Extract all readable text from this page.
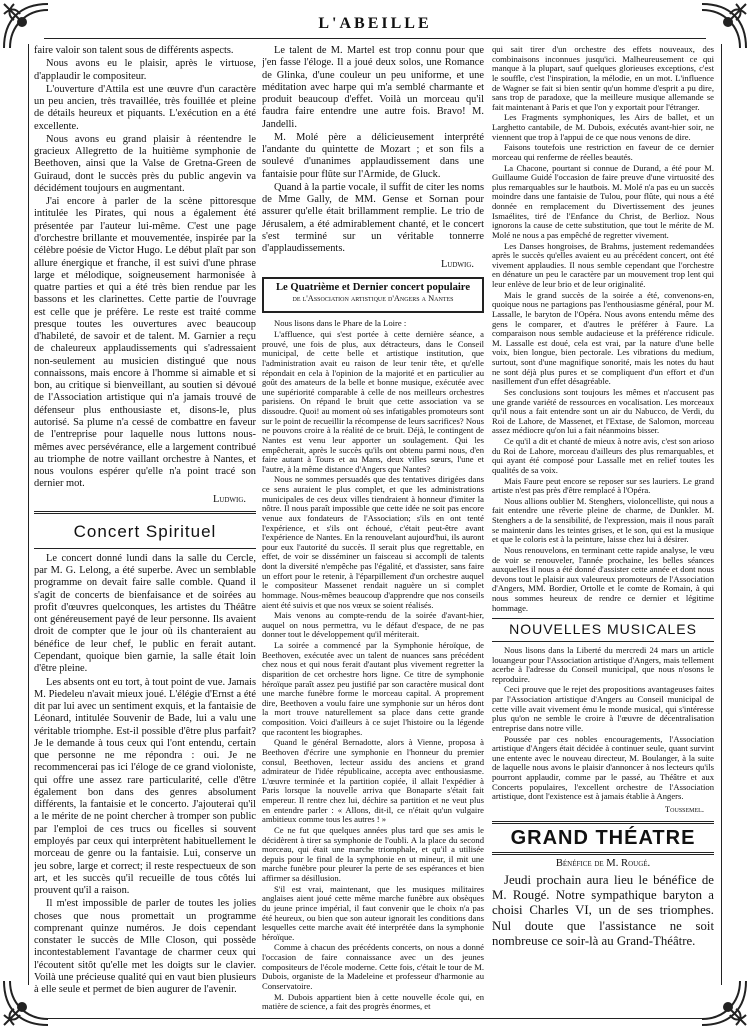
L'ABEILLE

faire valoir son talent sous de différents aspects.

Nous avons eu le plaisir, après le virtuose, d'applaudir le compositeur.

L'ouverture d'Attila est une œuvre d'un caractère un peu ancien, très travaillée, très fouillée et pleine de détails heureux et piquants. L'exécution en a été excellente.

Nous avons eu grand plaisir à réentendre le gracieux Allegretto de la huitième symphonie de Beethoven, ainsi que la Valse de Gretna-Green de Guiraud, dont le succès près du public angevin va décidément toujours en augmentant.

J'ai encore à parler de la scène pittoresque intitulée les Pirates, qui nous a également été présentée par l'auteur lui-même. C'est une page d'orchestre brillante et mouvementée, inspirée par la célèbre poésie de Victor Hugo. Le début plaît par son allure énergique et franche, il est suivi d'une phrase large et mélodique, soigneusement harmonisée à quatre parties et qui a été très bien rendue par les bassons et les clarinettes. Cette partie de l'ouvrage est celle que je préfère. Le reste est traité comme presque toutes les ouvertures avec beaucoup d'habileté, de savoir et de talent. M. Garnier a reçu de chaleureux applaudissements qui s'adressaient non-seulement au musicien distingué que nous connaissons, mais encore à l'homme si aimable et si bon, au critique si bienveillant, au soutien si dévoué de l'Association artistique qui n'a jamais trouvé de défenseur plus enthousiaste et, disons-le, plus autorisé. Sa plume n'a cessé de combattre en faveur de l'entreprise pour laquelle nous luttons nous-mêmes avec persévérance, elle a largement contribué au triomphe de notre vaillant orchestre à Nantes, et nous voulons espérer qu'elle n'a point tracé son dernier mot.

Ludwig.

Concert Spirituel

Le concert donné lundi dans la salle du Cercle, par M. G. Lelong, a été superbe. Avec un semblable programme on devait faire salle comble. Quand il s'agit de concerts de bienfaisance et de soirées au profit d'œuvres quelconques, les artistes du Théâtre ont généreusement payé de leur personne. Ils avaient droit de compter que le jour où ils chanteraient au bénéfice de leur chef, le public en ferait autant. Cependant, quoique bien garnie, la salle était loin d'être pleine.

Les absents ont eu tort, à tout point de vue. Jamais M. Piedeleu n'avait mieux joué. L'élégie d'Ernst a été dit par lui avec un sentiment exquis, et la fantaisie de Léonard, intitulée Souvenir de Bade, lui a valu une véritable triomphe. Est-il possible d'être plus parfait? Je le demande à tous ceux qui l'ont entendu, certain que personne ne me répondra : oui. Je ne recommencerai pas ici l'éloge de ce grand violoniste, qui offre une assez rare particularité, celle d'être également bon dans des genres absolument différents, la fantaisie et le concerto. J'ajouterai qu'il a le mérite de ne point chercher à tromper son public par l'emploi de ces trucs ou ficelles si souvent employés par ceux qui interprètent habituellement le morceau de genre ou la fantaisie. Lui, conserve un jeu sobre, large et correct; il reste respectueux de son art, et les succès qu'il recueille de tous côtés lui prouvent qu'il a raison.

Il m'est impossible de parler de toutes les jolies choses que nous promettait un programme comprenant quinze numéros. Je dois cependant constater le succès de Mlle Closon, qui possède incontestablement l'avantage de charmer ceux qui l'écoutent sitôt qu'elle met les doigts sur le clavier. Voilà une précieuse qualité qui en vaut bien plusieurs à elle seule et permet de bien augurer de l'avenir.

Le talent de M. Martel est trop connu pour que j'en fasse l'éloge. Il a joué deux solos, une Romance de Glinka, d'une couleur un peu uniforme, et une méditation avec harpe qui m'a semblé charmante et produit beaucoup d'effet. Voilà un morceau qu'il faudra faire entendre une autre fois. Bravo! M. Jandelli.

M. Molé père a délicieusement interprété l'andante du quintette de Mozart ; et son fils a soulevé d'unanimes applaudissement dans une fantaisie pour flûte sur l'Armide, de Gluck.

Quand à la partie vocale, il suffit de citer les noms de Mme Gally, de MM. Gense et Sornan pour assurer qu'elle était brillamment remplie. Le trio de Jérusalem, a été admirablement chanté, et le concert s'est terminé sur un véritable tonnerre d'applaudissements.

Ludwig.

Le Quatrième et Dernier concert populaire
de l'Association artistique d'Angers a Nantes

Nous lisons dans le Phare de la Loire :

L'affluence, qui s'est portée à cette dernière séance, a prouvé, une fois de plus, aux détracteurs, dans le Conseil municipal, de cette belle et artistique institution, que l'administration avait eu raison de leur tenir tête, et qu'elle répondait en cela à l'opinion de la majorité et en particulier au goût des amateurs de la belle et bonne musique, exécutée avec une supériorité comparable à celle de nos meilleurs orchestres parisiens. On répand le bruit que cette association va se dissoudre. Quoi! au moment où ses infatigables promoteurs sont sur le point de recueillir la récompense de leurs sacrifices? Nous ne pouvons croire à la réalité de ce bruit. Déjà, le contingent de Nantes est venu leur apporter un soulagement. Qui les empêcherait, après le succès qu'ils ont obtenu parmi nous, d'en faire autant à Tours et au Mans, deux villes sœurs, l'une et l'autre, à la même distance d'Angers que Nantes?

Nous ne sommes persuadés que des tentatives dirigées dans ce sens auraient le plus complet, et que les administrations municipales de ces deux villes tiendraient à honneur d'imiter la nôtre. Il nous paraît impossible que cette idée ne soit pas encore venue aux fondateurs de l'Association; s'ils en ont tenté l'expérience, et s'ils ont échoué, c'était peut-être avant l'expérience de Nantes. En la renouvelant aujourd'hui, ils auront pour eux l'autorité du succès. Il serait plus que regrettable, en effet, de voir se disséminer un faisceau si accompli de talents dont la diversité n'empêche pas l'égalité, et d'assister, sans faire un effort pour le retenir, à l'éparpillement d'un orchestre auquel le compositeur Massenet rendait naguère un si complet hommage. Nous-mêmes beaucoup d'apprendre que nos conseils aient été suivis et que nos vœux se soient réalisés.

Mais venons au compte-rendu de la soirée d'avant-hier, auquel on nous permettra, vu le défaut d'espace, de ne pas donner tout le développement qu'il mériterait.

La soirée a commencé par la Symphonie héroïque, de Beethoven, exécutée avec un talent de nuances sans précédent chez nous et qui nous ferait d'autant plus vivement regretter la disparition de cet orchestre hors ligne. Ce titre de symphonie héroïque paraît assez peu justifié par son caractère musical dont une marche funèbre forme le morceau capital. A proprement dire, Beethoven a voulu faire une symphonie sur un héros dont la mort trouve naturellement sa place dans cette grande composition. Voici d'ailleurs à ce sujet l'histoire ou la légende que racontent les biographes.

Quand le général Bernadotte, alors à Vienne, proposa à Beethoven d'écrire une symphonie en l'honneur du premier consul, Beethoven, lecteur assidu des anciens et grand admirateur de l'idée républicaine, accepta avec enthousiasme. L'œuvre terminée et la partition copiée, il allait l'expédier à Paris lorsque la nouvelle arriva que Bonaparte s'était fait empereur. Il rentre chez lui, déchire sa partition et ne veut plus en entendre parler : « Allons, dit-il, ce n'était qu'un vulgaire ambitieux comme tous les autres ! »

Ce ne fut que quelques années plus tard que ses amis le décidèrent à tirer sa symphonie de l'oubli. A la place du second morceau, qui était une marche triomphale, et qu'il a utilisée depuis pour le final de la symphonie en ut mineur, il mit une marche funèbre pour pleurer la perte de ses espérances et bien affirmer sa désillusion.

S'il est vrai, maintenant, que les musiques militaires anglaises aient joué cette même marche funèbre aux obsèques du jeune prince impérial, il faut convenir que le choix n'a pas été heureux, ou bien que son auteur ignorait les conditions dans lesquelles cette marche avait été interprétée dans la symphonie héroïque.

Comme à chacun des précédents concerts, on nous a donné l'occasion de faire connaissance avec un des jeunes compositeurs de l'école moderne. Cette fois, c'était le tour de M. Dubois, organiste de la Madeleine et professeur d'harmonie au Conservatoire.

M. Dubois appartient bien à cette nouvelle école qui, en matière de science, a fait des progrès énormes, et

qui sait tirer d'un orchestre des effets nouveaux, des combinaisons inconnues jusqu'ici. Malheureusement ce qui manque à la plupart, sauf quelques glorieuses exceptions, c'est le souffle, c'est l'inspiration, la mélodie, en un mot. L'influence de Wagner se fait si bien sentir qu'un homme d'esprit a pu dire, sans trop de paradoxe, que la meilleure musique allemande se fait maintenant à Paris et que l'on y exportait pour l'étranger.

Les Fragments symphoniques, les Airs de ballet, et un Larghetto cantabile, de M. Dubois, exécutés avant-hier soir, ne viennent que trop à l'appui de ce que nous venons de dire.

Faisons toutefois une restriction en faveur de ce dernier morceau qui renferme de réelles beautés.

La Chacone, pourtant si connue de Durand, a été pour M. Guillaume Guidé l'occasion de faire preuve d'une virtuosité des plus remarquables sur le hautbois. M. Molé n'a pas eu un succès moindre dans une fantaisie de Tulou, pour flûte, qui nous a été donnée en remplacement du Divertissement des jeunes Ismaélites, tiré de l'Enfance du Christ, de Berlioz. Nous ignorons la cause de cette substitution, que tout le mérite de M. Molé ne nous a pas empêché de regretter vivement.

Les Danses hongroises, de Brahms, justement redemandées après le succès qu'elles avaient eu au précédent concert, ont été vivement applaudies. Il nous semble cependant que l'orchestre en dénature un peu le caractère par un mouvement trop lent qui leur enlève de leur brio et de leur originalité.

Mais le grand succès de la soirée a été, convenons-en, quoique nous ne partagions pas l'enthousiasme général, pour M. Lassalle, le baryton de l'Opéra. Nous avons entendu même des gens le comparer, et d'autres le préférer à Faure. La comparaison nous semble audacieuse et la préférence ridicule. M. Lassalle est doué, cela est vrai, par la nature d'une belle voix, bien longue, bien pectorale. Les vibrations du medium, surtout, sont d'une magnifique sonorité, mais les notes du haut ne sont déjà plus pures et se compliquent d'un effort et d'un nasillement d'un effet désagréable.

Ses conclusions sont toujours les mêmes et n'accusent pas une grande variété de ressources en vocalisation. Les morceaux qu'il nous a fait entendre sont un air du Nabucco, de Verdi, du Roi de Lahore, de Massenet, et l'Extase, de Salomon, morceau assez médiocre qu'on lui a fait néanmoins bisser.

Ce qu'il a dit et chanté de mieux à notre avis, c'est son arioso du Roi de Lahore, morceau d'ailleurs des plus remarquables, et qui ayant été composé pour Lassalle met en relief toutes les qualités de sa voix.

Mais Faure peut encore se reposer sur ses lauriers. Le grand artiste n'est pas près d'être remplacé à l'Opéra.

Nous allions oublier M. Stenghers, violoncelliste, qui nous a fait entendre une rêverie pleine de charme, de Dunkler. M. Stenghers a de la sensibilité, de l'expression, mais il nous paraît se maintenir dans les teintes grises, et le son, qui est la musique et que le coloris est à la peinture, laisse chez lui à désirer.

Nous renouvelons, en terminant cette rapide analyse, le vœu de voir se renouveler, l'année prochaine, les belles séances auxquelles il nous a été donné d'assister cette année et dont nous devons tout le plaisir aux valeureux promoteurs de l'Association d'Angers, MM. Bordier, Ortolle et le comte de Romain, à qui nous sommes heureux de rendre ce dernier et légitime hommage.

NOUVELLES MUSICALES

Nous lisons dans la Liberté du mercredi 24 mars un article louangeur pour l'Association artistique d'Angers, mais tellement acerbe à l'adresse du Conseil municipal, que nous n'osons le reproduire.

Ceci prouve que le rejet des propositions avantageuses faites par l'Association artistique d'Angers au Conseil municipal de cette ville avait vivement ému le monde musical, qui s'intéresse plus qu'on ne semble le croire à l'œuvre de décentralisation entreprise dans notre ville.

Poussée par ces nobles encouragements, l'Association artistique d'Angers était décidée à continuer seule, quant survint une entente avec le nouveau directeur, M. Boulanger, à la suite de laquelle nous avons le plaisir d'annoncer à nos lecteurs qu'ils pourront applaudir, comme par le passé, au Théâtre et aux Concerts populaires, l'excellent orchestre de l'Association artistique, dont l'existence est à jamais établie à Angers.

Toussemel.

GRAND THÉATRE
Bénéfice de M. Rougé.

Jeudi prochain aura lieu le bénéfice de M. Rougé. Notre sympathique baryton a choisi Charles VI, un de ses triomphes. Nul doute que l'assistance ne soit nombreuse ce soir-là au Grand-Théâtre.
